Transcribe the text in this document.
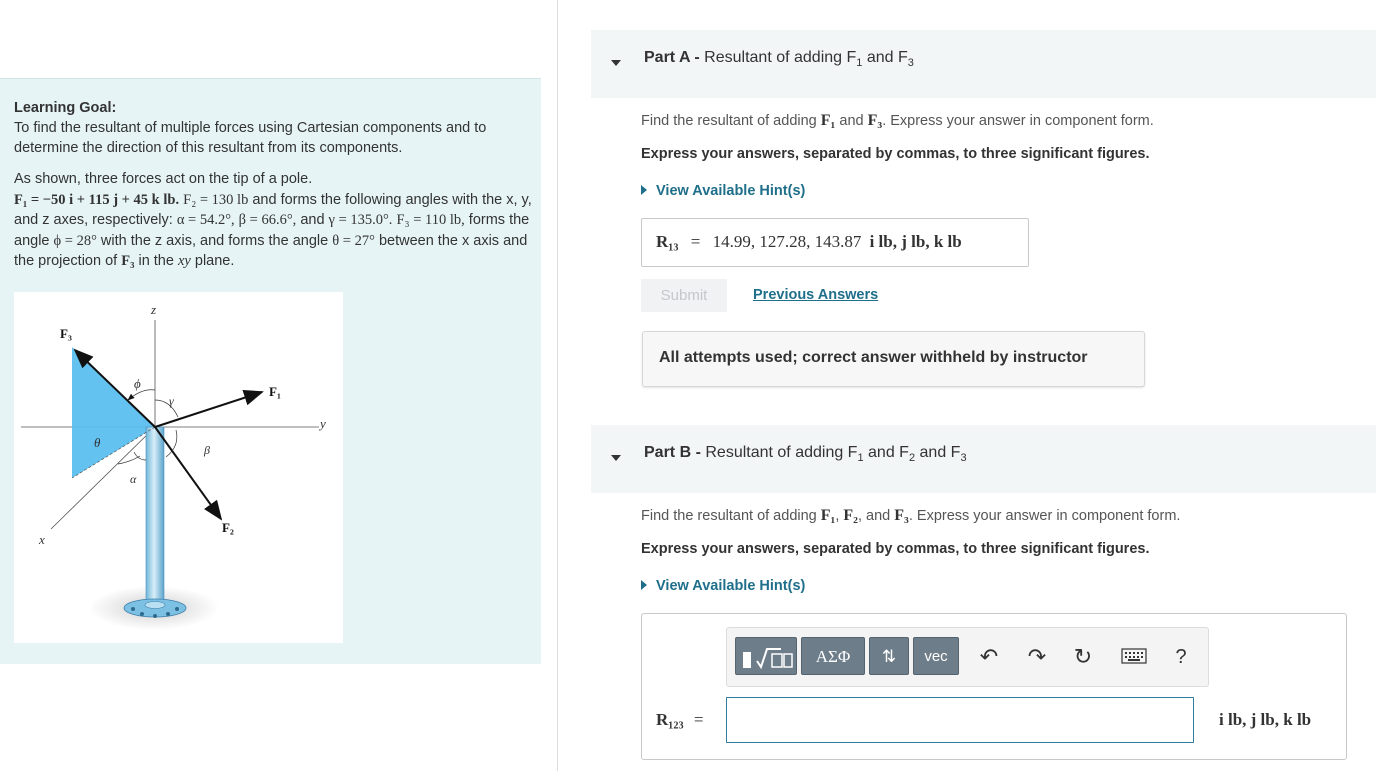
Learning Goal:
To find the resultant of multiple forces using Cartesian components and to determine the direction of this resultant from its components.
As shown, three forces act on the tip of a pole.
F₁ = −50 i + 115 j + 45 k lb. F₂ = 130 lb and forms the following angles with the x, y, and z axes, respectively: α = 54.2°, β = 66.6°, and γ = 135.0°. F₃ = 110 lb, forms the angle ϕ = 28° with the z axis, and forms the angle θ = 27° between the x axis and the projection of F₃ in the xy plane.
z
y
x
F₃
F₁
F₂
ϕ
γ
β
θ
α
Part A - Resultant of adding $F_1$ and $F_3$
Find the resultant of adding F₁ and F₃. Express your answer in component form.
Express your answers, separated by commas, to three significant figures.
View Available Hint(s)
R₁₃ = 14.99, 127.28, 143.87 i lb, j lb, k lb
Submit	Previous Answers
All attempts used; correct answer withheld by instructor
Part B - Resultant of adding $F_1$ and $F_2$ and $F_3$
Find the resultant of adding F₁, F₂, and F₃. Express your answer in component form.
Express your answers, separated by commas, to three significant figures.
View Available Hint(s)
ΑΣΦ	⇅	vec	↶ ↷ ↻	?
R₁₂₃ =	i lb, j lb, k lb
